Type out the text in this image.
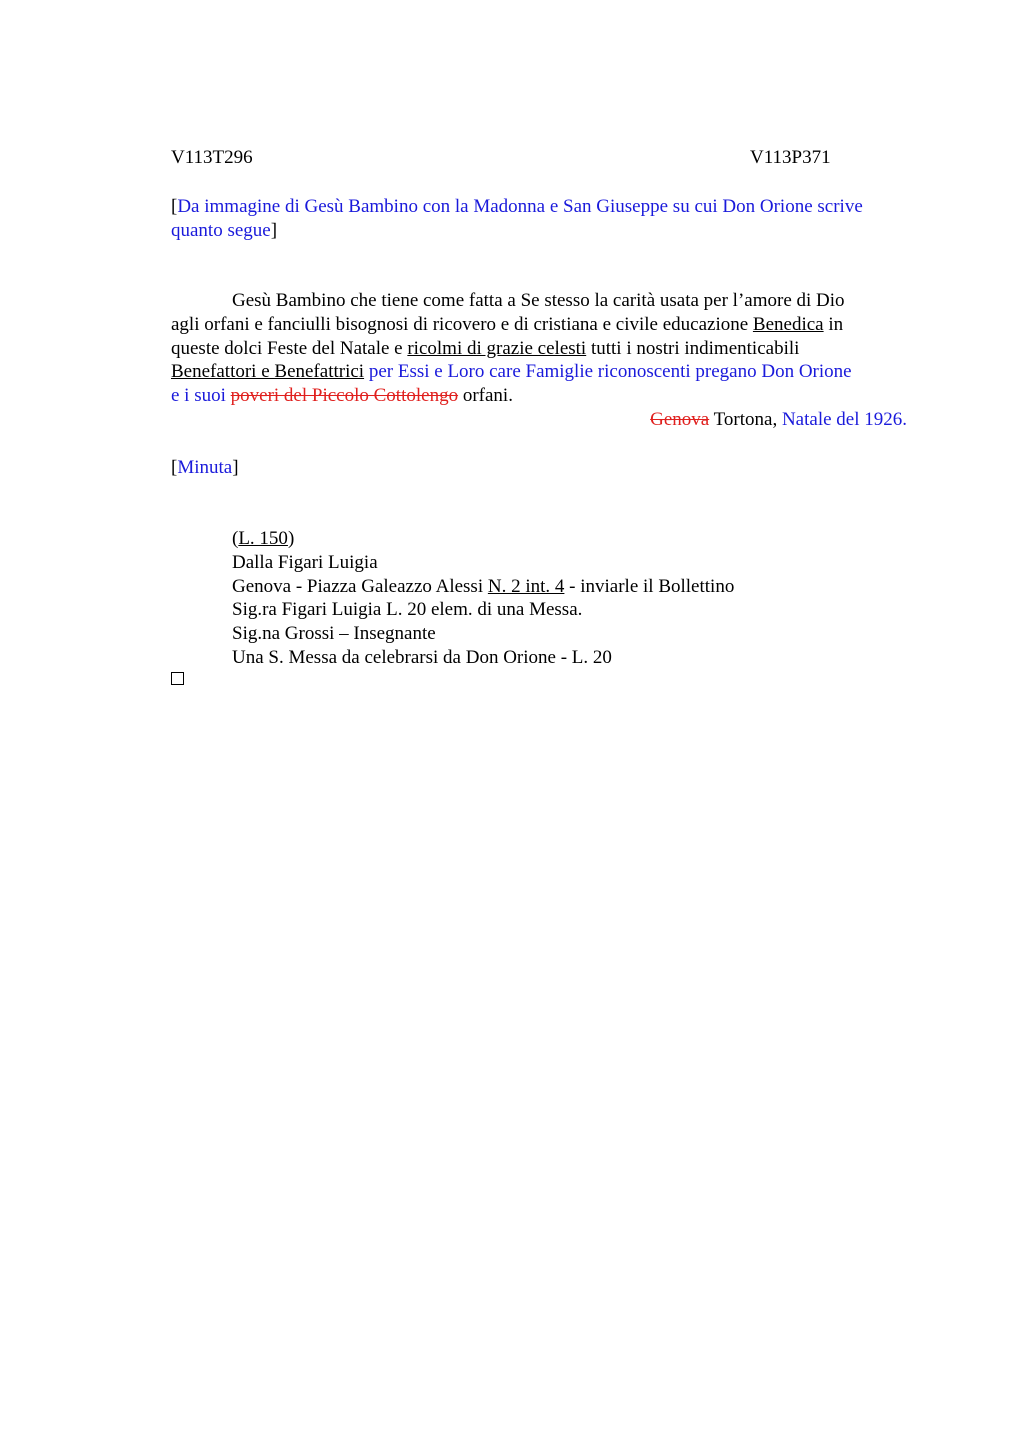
V113T296	V113P371
[Da immagine di Gesù Bambino con la Madonna e San Giuseppe su cui Don Orione scrive
quanto segue]
Gesù Bambino che tiene come fatta a Se stesso la carità usata per l’amore di Dio
agli orfani e fanciulli bisognosi di ricovero e di cristiana e civile educazione Benedica in
queste dolci Feste del Natale e ricolmi di grazie celesti tutti i nostri indimenticabili
Benefattori e Benefattrici per Essi e Loro care Famiglie riconoscenti pregano Don Orione
e i suoi poveri del Piccolo Cottolengo orfani.
Genova Tortona, Natale del 1926.
[Minuta]
(L. 150)
Dalla Figari Luigia
Genova - Piazza Galeazzo Alessi N. 2 int. 4 - inviarle il Bollettino
Sig.ra Figari Luigia L. 20 elem. di una Messa.
Sig.na Grossi – Insegnante
Una S. Messa da celebrarsi da Don Orione - L. 20
